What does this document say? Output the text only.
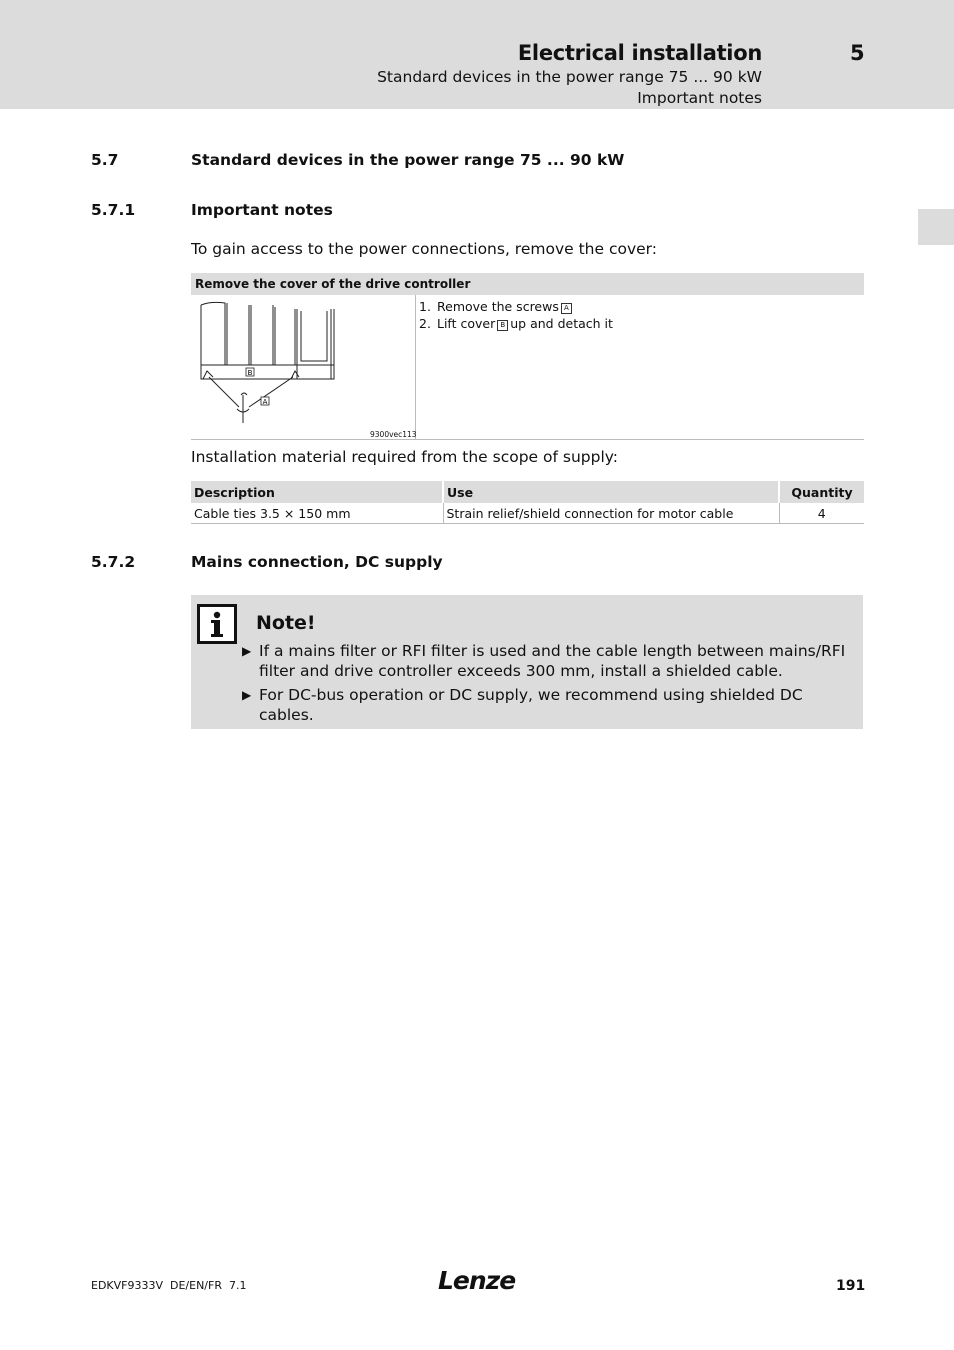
Electrical installation	5
Standard devices in the power range 75 ... 90 kW
Important notes
5.7	Standard devices in the power range 75 ... 90 kW
5.7.1	Important notes
To gain access to the power connections, remove the cover:
Remove the cover of the drive controller
B
A
9300vec113
1. Remove the screws A
2. Lift cover B up and detach it
Installation material required from the scope of supply:
Description	Use	Quantity
Cable ties 3.5 × 150 mm	Strain relief/shield connection for motor cable	4
5.7.2	Mains connection, DC supply
Note!
▶ If a mains filter or RFI filter is used and the cable length between mains/RFI
filter and drive controller exceeds 300 mm, install a shielded cable.
▶ For DC-bus operation or DC supply, we recommend using shielded DC
cables.
EDKVF9333V  DE/EN/FR  7.1	Lenze	191
